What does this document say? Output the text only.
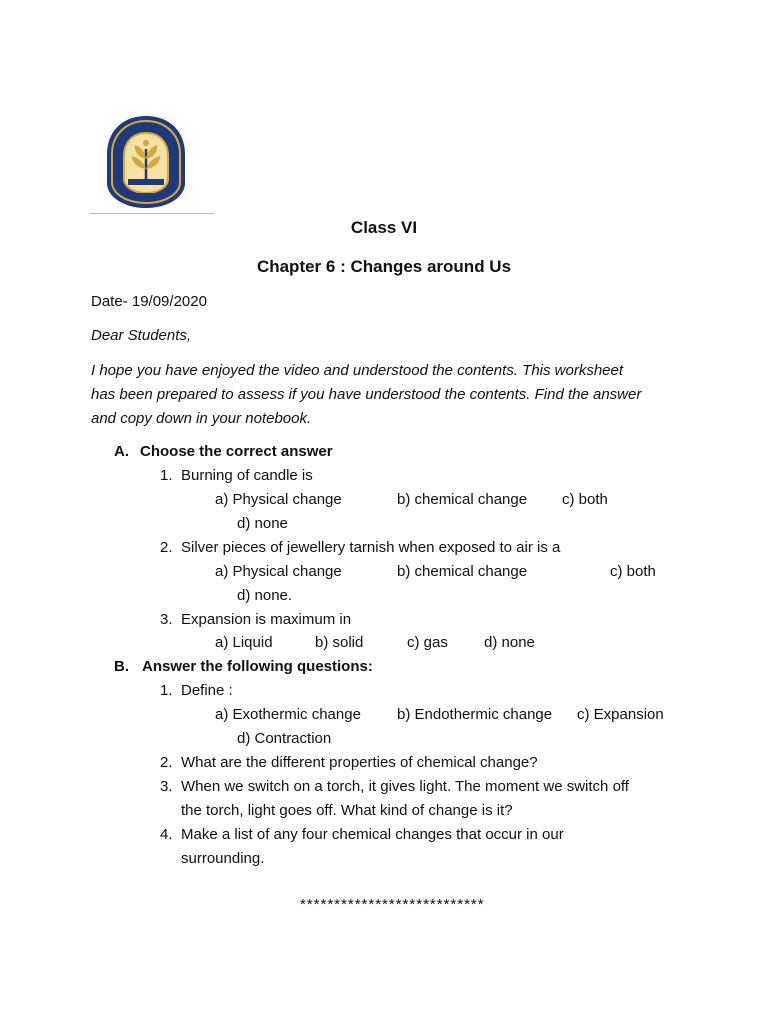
Class VI
Chapter 6 : Changes around Us
Date- 19/09/2020
Dear Students,
I hope you have enjoyed the video and understood the contents. This worksheet
has been prepared to assess if you have understood the contents. Find the answer
and copy down in your notebook.
A. Choose the correct answer
1. Burning of candle is
a) Physical change	b) chemical change c) both
d) none
2. Silver pieces of jewellery tarnish when exposed to air is a
a) Physical change	b) chemical change	c) both
d) none.
3. Expansion is maximum in
a) Liquid	b) solid	c) gas d) none
B. Answer the following questions:
1. Define :
a) Exothermic change b) Endothermic change c) Expansion
d) Contraction
2. What are the different properties of chemical change?
3. When we switch on a torch, it gives light. The moment we switch off
the torch, light goes off. What kind of change is it?
4. Make a list of any four chemical changes that occur in our
surrounding.
***************************
